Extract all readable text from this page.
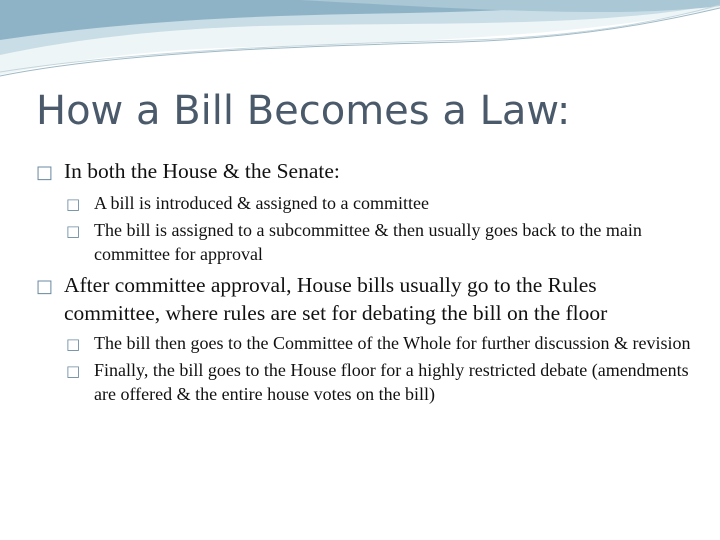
How a Bill Becomes a Law:
□ In both the House & the Senate:
□ A bill is introduced & assigned to a committee
□ The bill is assigned to a subcommittee & then usually goes back to the main committee for approval
□ After committee approval, House bills usually go to the Rules committee, where rules are set for debating the bill on the floor
□ The bill then goes to the Committee of the Whole for further discussion & revision
□ Finally, the bill goes to the House floor for a highly restricted debate (amendments are offered & the entire house votes on the bill)
